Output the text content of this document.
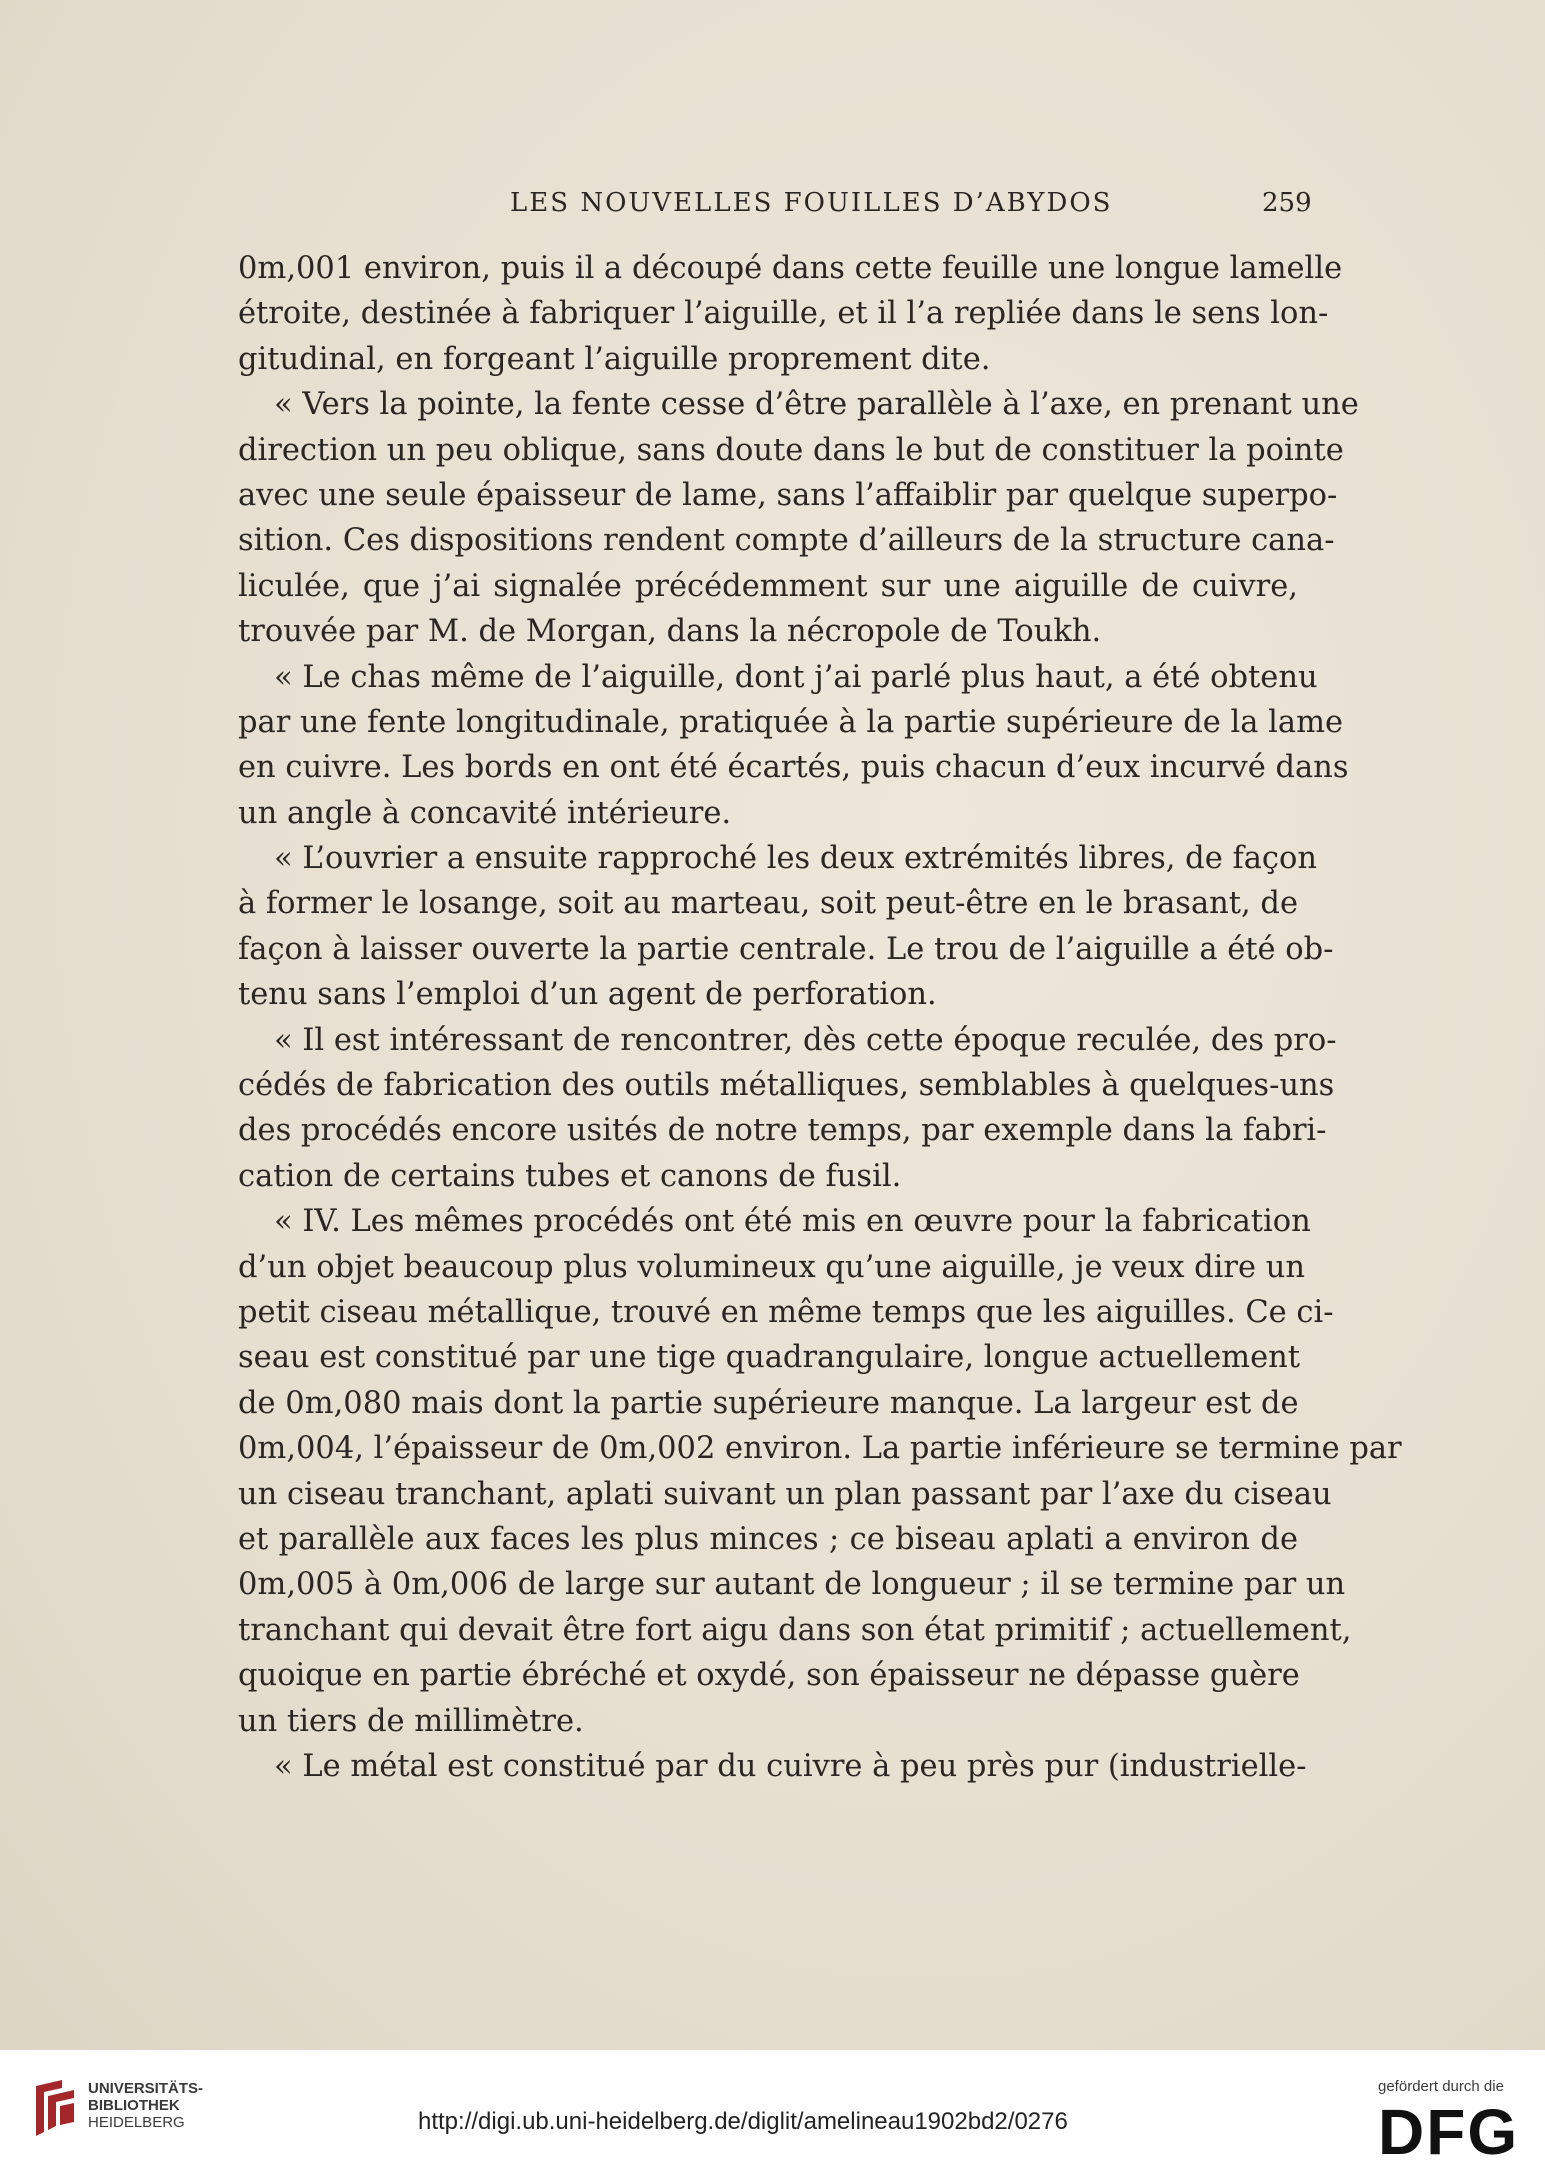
LES NOUVELLES FOUILLES D’ABYDOS	259
0m,001 environ, puis il a découpé dans cette feuille une longue lamelle
étroite, destinée à fabriquer l’aiguille, et il l’a repliée dans le sens lon-
gitudinal, en forgeant l’aiguille proprement dite.
« Vers la pointe, la fente cesse d’être parallèle à l’axe, en prenant une
direction un peu oblique, sans doute dans le but de constituer la pointe
avec une seule épaisseur de lame, sans l’affaiblir par quelque superpo-
sition. Ces dispositions rendent compte d’ailleurs de la structure cana-
liculée, que j’ai signalée précédemment sur une aiguille de cuivre,
trouvée par M. de Morgan, dans la nécropole de Toukh.
« Le chas même de l’aiguille, dont j’ai parlé plus haut, a été obtenu
par une fente longitudinale, pratiquée à la partie supérieure de la lame
en cuivre. Les bords en ont été écartés, puis chacun d’eux incurvé dans
un angle à concavité intérieure.
« L’ouvrier a ensuite rapproché les deux extrémités libres, de façon
à former le losange, soit au marteau, soit peut-être en le brasant, de
façon à laisser ouverte la partie centrale. Le trou de l’aiguille a été ob-
tenu sans l’emploi d’un agent de perforation.
« Il est intéressant de rencontrer, dès cette époque reculée, des pro-
cédés de fabrication des outils métalliques, semblables à quelques-uns
des procédés encore usités de notre temps, par exemple dans la fabri-
cation de certains tubes et canons de fusil.
« IV. Les mêmes procédés ont été mis en œuvre pour la fabrication
d’un objet beaucoup plus volumineux qu’une aiguille, je veux dire un
petit ciseau métallique, trouvé en même temps que les aiguilles. Ce ci-
seau est constitué par une tige quadrangulaire, longue actuellement
de 0m,080 mais dont la partie supérieure manque. La largeur est de
0m,004, l’épaisseur de 0m,002 environ. La partie inférieure se termine par
un ciseau tranchant, aplati suivant un plan passant par l’axe du ciseau
et parallèle aux faces les plus minces ; ce biseau aplati a environ de
0m,005 à 0m,006 de large sur autant de longueur ; il se termine par un
tranchant qui devait être fort aigu dans son état primitif ; actuellement,
quoique en partie ébréché et oxydé, son épaisseur ne dépasse guère
un tiers de millimètre.
« Le métal est constitué par du cuivre à peu près pur (industrielle-
UNIVERSITÄTS-
BIBLIOTHEK
HEIDELBERG	http://digi.ub.uni-heidelberg.de/diglit/amelineau1902bd2/0276
gefördert durch die
DFG
